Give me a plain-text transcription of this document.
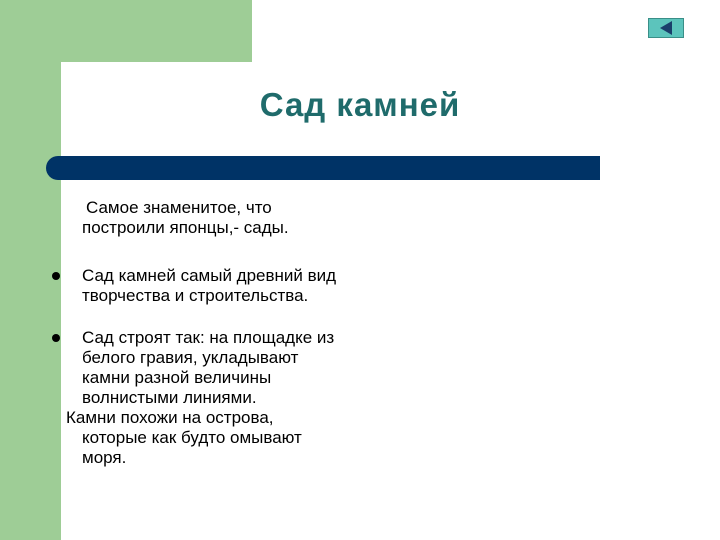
Сад камней
Самое знаменитое, что
построили японцы,- сады.
Сад камней самый древний вид
творчества и строительства.
Сад строят так: на площадке из
белого гравия, укладывают
камни разной величины
волнистыми линиями.
Камни похожи на острова,
которые как будто омывают
моря.
